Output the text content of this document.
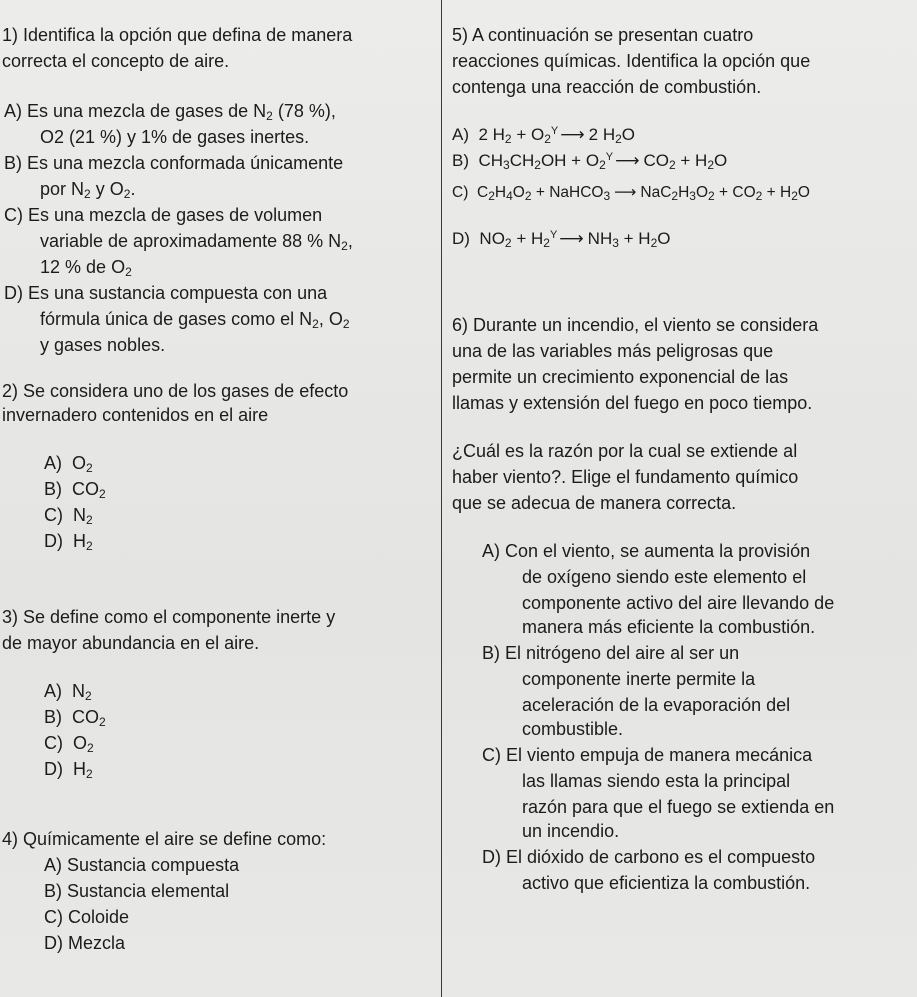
1) Identifica la opción que defina de manera
correcta el concepto de aire.
A) Es una mezcla de gases de $N_2$ (78 %),
O2 (21 %) y 1% de gases inertes.
B) Es una mezcla conformada únicamente
por $N_2$ y $O_2$.
C) Es una mezcla de gases de volumen
variable de aproximadamente 88 % $N_2$,
12 % de $O_2$
D) Es una sustancia compuesta con una
fórmula única de gases como el $N_2$, $O_2$
y gases nobles.
2) Se considera uno de los gases de efecto
invernadero contenidos en el aire
A) $O_2$
B) $CO_2$
C) $N_2$
D) $H_2$
3) Se define como el componente inerte y
de mayor abundancia en el aire.
A) $N_2$
B) $CO_2$
C) $O_2$
D) $H_2$
4) Químicamente el aire se define como:
A) Sustancia compuesta
B) Sustancia elemental
C) Coloide
D) Mezcla
5) A continuación se presentan cuatro
reacciones químicas. Identifica la opción que
contenga una reacción de combustión.
A) 2 $H_2 + O_2^Y$ ⟶ 2 $H_2O$
B) $CH_3CH_2OH + O_2^Y$ ⟶ $CO_2 + H_2O$
C) $C_2H_4O_2$ + NaHCO$_3$ ⟶ $NaC_2H_3O_2 + CO_2 + H_2O$
D) $NO_2 + H_2^Y$ ⟶ $NH_3 + H_2O$
6) Durante un incendio, el viento se considera
una de las variables más peligrosas que
permite un crecimiento exponencial de las
llamas y extensión del fuego en poco tiempo.
¿Cuál es la razón por la cual se extiende al
haber viento?. Elige el fundamento químico
que se adecua de manera correcta.
A) Con el viento, se aumenta la provisión
de oxígeno siendo este elemento el
componente activo del aire llevando de
manera más eficiente la combustión.
B) El nitrógeno del aire al ser un
componente inerte permite la
aceleración de la evaporación del
combustible.
C) El viento empuja de manera mecánica
las llamas siendo esta la principal
razón para que el fuego se extienda en
un incendio.
D) El dióxido de carbono es el compuesto
activo que eficientiza la combustión.
